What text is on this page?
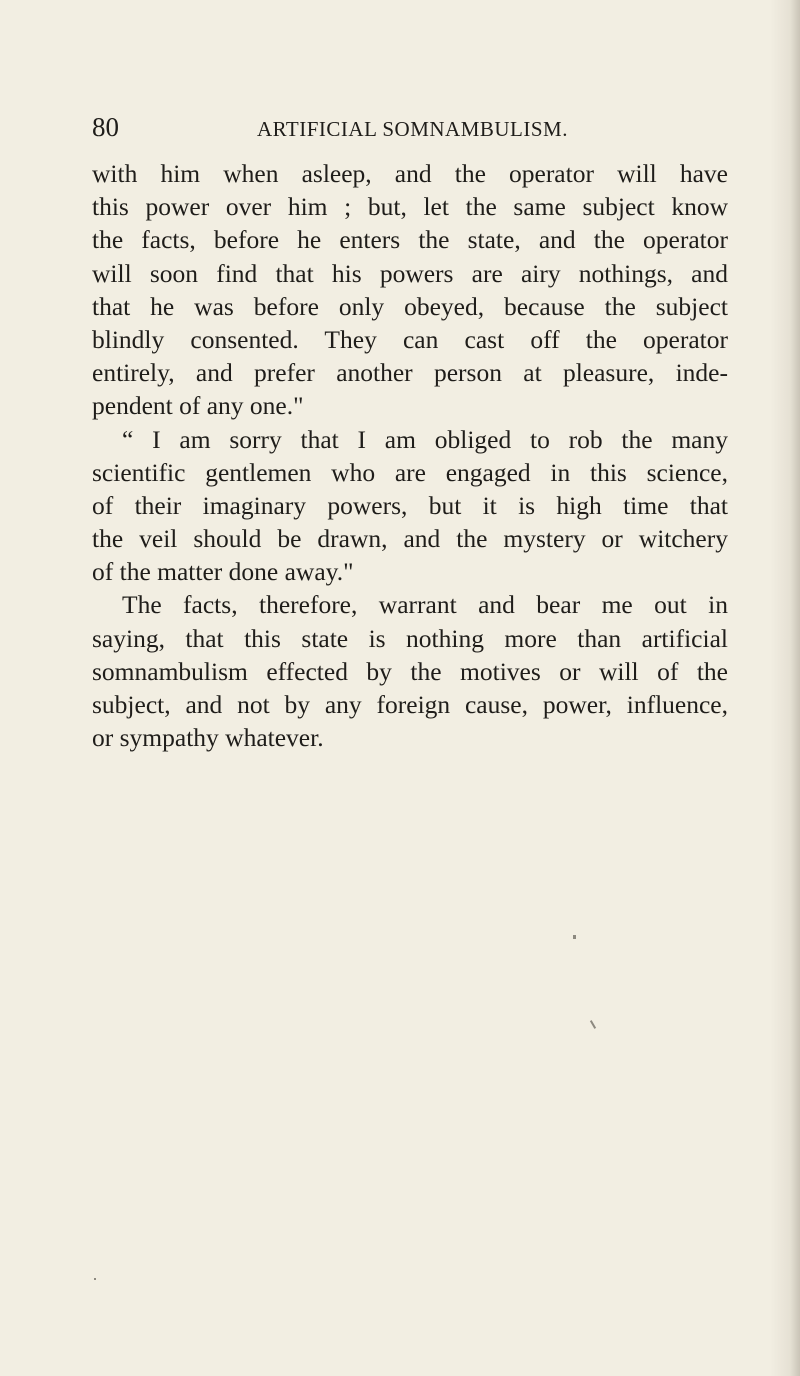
80	ARTIFICIAL SOMNAMBULISM.
with him when asleep, and the operator will have
this power over him ; but, let the same subject know
the facts, before he enters the state, and the operator
will soon find that his powers are airy nothings, and
that he was before only obeyed, because the subject
blindly consented. They can cast off the operator
entirely, and prefer another person at pleasure, inde-
pendent of any one."
“ I am sorry that I am obliged to rob the many
scientific gentlemen who are engaged in this science,
of their imaginary powers, but it is high time that
the veil should be drawn, and the mystery or witchery
of the matter done away."
The facts, therefore, warrant and bear me out in
saying, that this state is nothing more than artificial
somnambulism effected by the motives or will of the
subject, and not by any foreign cause, power, influence,
or sympathy whatever.
